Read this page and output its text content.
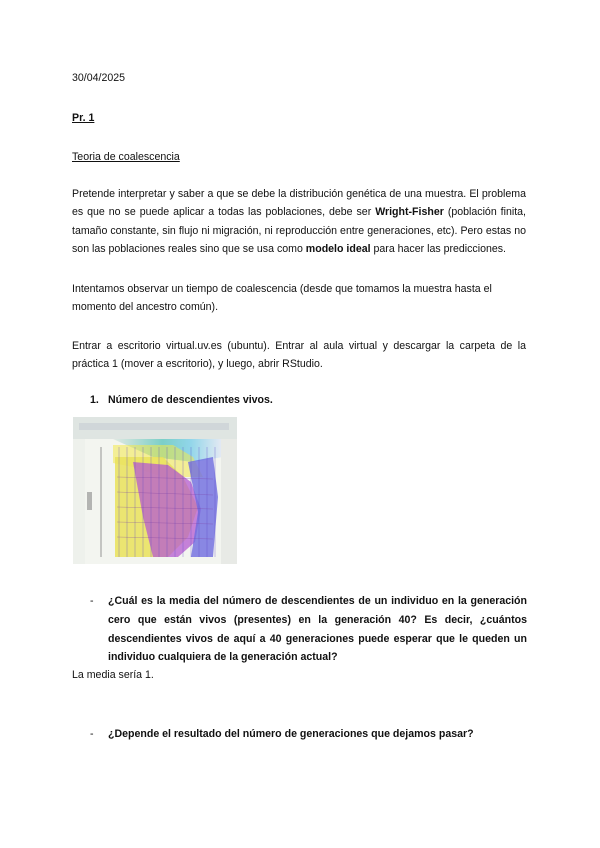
30/04/2025
Pr. 1
Teoria de coalescencia
Pretende interpretar y saber a que se debe la distribución genética de una muestra. El problema es que no se puede aplicar a todas las poblaciones, debe ser Wright-Fisher (población finita, tamaño constante, sin flujo ni migración, ni reproducción entre generaciones, etc). Pero estas no son las poblaciones reales sino que se usa como modelo ideal para hacer las predicciones.
Intentamos observar un tiempo de coalescencia (desde que tomamos la muestra hasta el momento del ancestro común).
Entrar a escritorio virtual.uv.es (ubuntu). Entrar al aula virtual y descargar la carpeta de la práctica 1 (mover a escritorio), y luego, abrir RStudio.
1. Número de descendientes vivos.
- ¿Cuál es la media del número de descendientes de un individuo en la generación cero que están vivos (presentes) en la generación 40? Es decir, ¿cuántos descendientes vivos de aquí a 40 generaciones puede esperar que le queden un individuo cualquiera de la generación actual?
La media sería 1.
- ¿Depende el resultado del número de generaciones que dejamos pasar?
